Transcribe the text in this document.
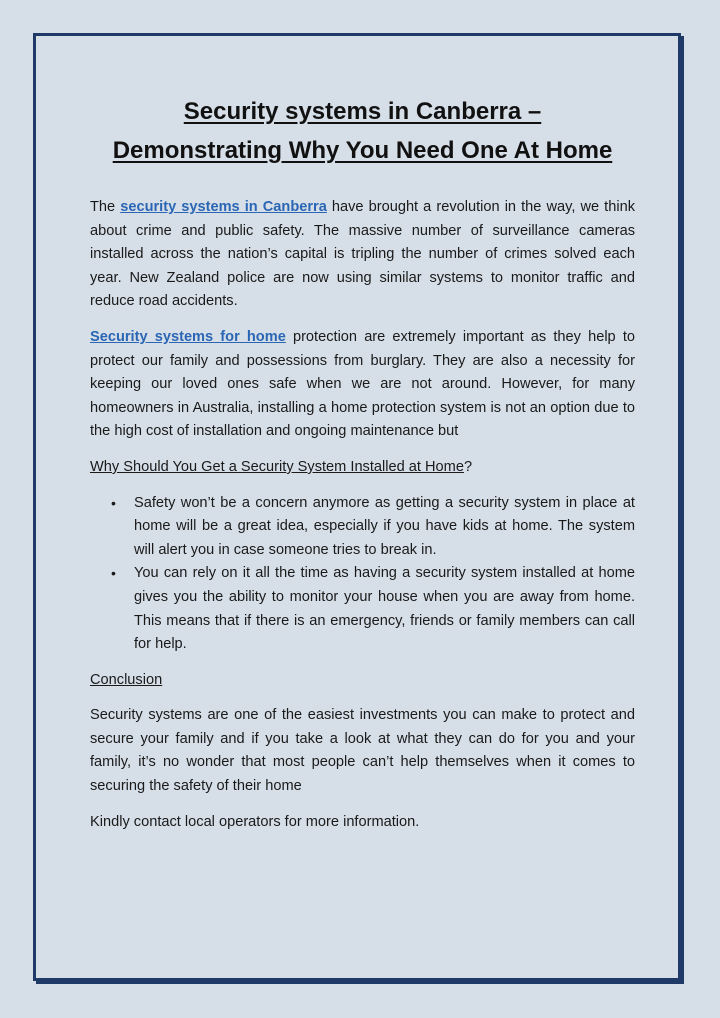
Security systems in Canberra –
Demonstrating Why You Need One At Home

The security systems in Canberra have brought a revolution in the way, we think about crime and public safety. The massive number of surveillance cameras installed across the nation’s capital is tripling the number of crimes solved each year. New Zealand police are now using similar systems to monitor traffic and reduce road accidents.

Security systems for home protection are extremely important as they help to protect our family and possessions from burglary. They are also a necessity for keeping our loved ones safe when we are not around. However, for many homeowners in Australia, installing a home protection system is not an option due to the high cost of installation and ongoing maintenance but

Why Should You Get a Security System Installed at Home?

• Safety won’t be a concern anymore as getting a security system in place at home will be a great idea, especially if you have kids at home. The system will alert you in case someone tries to break in.
• You can rely on it all the time as having a security system installed at home gives you the ability to monitor your house when you are away from home. This means that if there is an emergency, friends or family members can call for help.

Conclusion

Security systems are one of the easiest investments you can make to protect and secure your family and if you take a look at what they can do for you and your family, it’s no wonder that most people can’t help themselves when it comes to securing the safety of their home

Kindly contact local operators for more information.
